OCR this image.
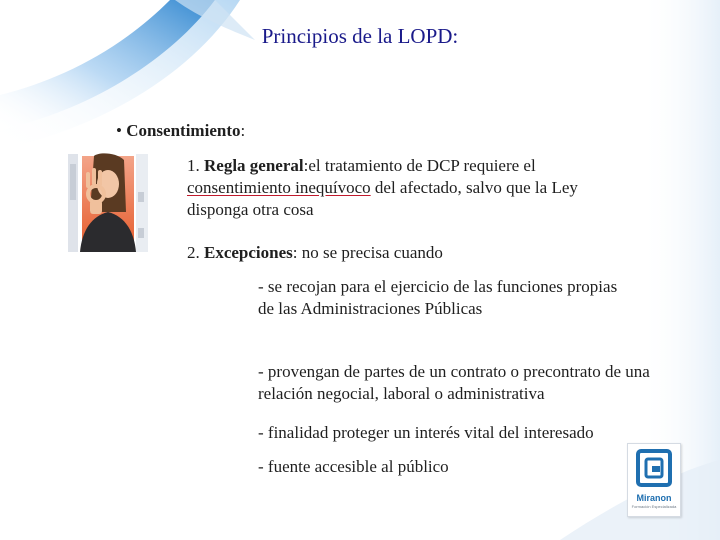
Principios de la LOPD:
• Consentimiento:
1. Regla general:el tratamiento de DCP requiere el consentimiento inequívoco del afectado, salvo que la Ley disponga otra cosa
2. Excepciones: no se precisa cuando
- se recojan para el ejercicio de las funciones propias de las Administraciones Públicas
- provengan de partes de un contrato o precontrato de una relación negocial, laboral o administrativa
- finalidad proteger un interés vital del interesado
- fuente accesible al público
Miranon
Formación Especializada
